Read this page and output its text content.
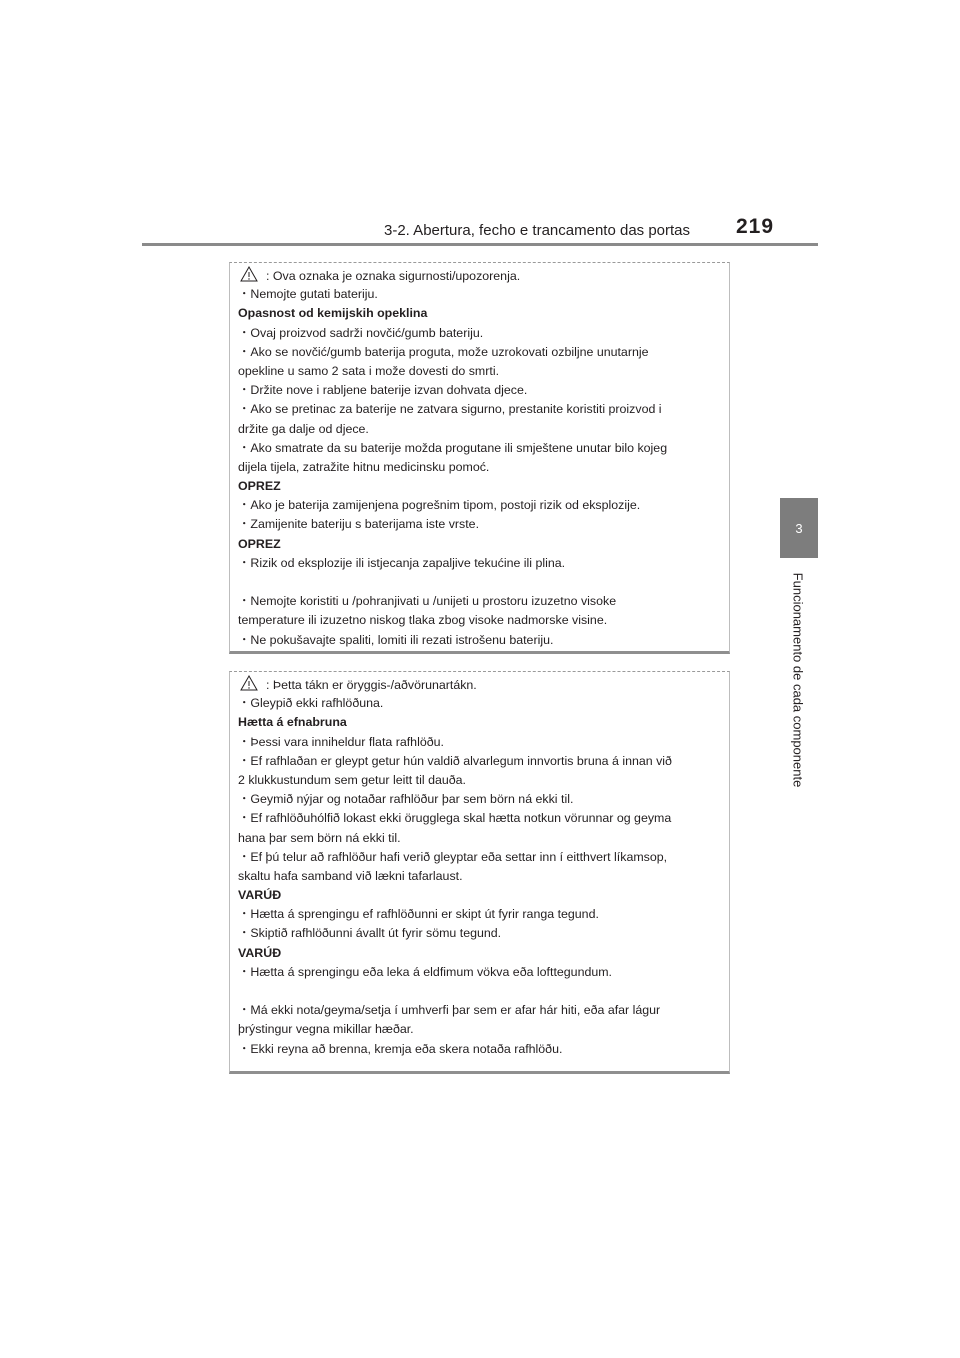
3-2. Abertura, fecho e trancamento das portas 219
3
Funcionamento de cada componente
: Ova oznaka je oznaka sigurnosti/upozorenja.
・Nemojte gutati bateriju.
Opasnost od kemijskih opeklina
・Ovaj proizvod sadrži novčić/gumb bateriju.
・Ako se novčić/gumb baterija proguta, može uzrokovati ozbiljne unutarnje
opekline u samo 2 sata i može dovesti do smrti.
・Držite nove i rabljene baterije izvan dohvata djece.
・Ako se pretinac za baterije ne zatvara sigurno, prestanite koristiti proizvod i
držite ga dalje od djece.
・Ako smatrate da su baterije možda progutane ili smještene unutar bilo kojeg
dijela tijela, zatražite hitnu medicinsku pomoć.
OPREZ
・Ako je baterija zamijenjena pogrešnim tipom, postoji rizik od eksplozije.
・Zamijenite bateriju s baterijama iste vrste.
OPREZ
・Rizik od eksplozije ili istjecanja zapaljive tekućine ili plina.
・Nemojte koristiti u /pohranjivati u /unijeti u prostoru izuzetno visoke
temperature ili izuzetno niskog tlaka zbog visoke nadmorske visine.
・Ne pokušavajte spaliti, lomiti ili rezati istrošenu bateriju.
: Þetta tákn er öryggis-/aðvörunartákn.
・Gleypið ekki rafhlöðuna.
Hætta á efnabruna
・Þessi vara inniheldur flata rafhlöðu.
・Ef rafhlaðan er gleypt getur hún valdið alvarlegum innvortis bruna á innan við
2 klukkustundum sem getur leitt til dauða.
・Geymið nýjar og notaðar rafhlöður þar sem börn ná ekki til.
・Ef rafhlöðuhólfið lokast ekki örugglega skal hætta notkun vörunnar og geyma
hana þar sem börn ná ekki til.
・Ef þú telur að rafhlöður hafi verið gleyptar eða settar inn í eitthvert líkamsop,
skaltu hafa samband við lækni tafarlaust.
VARÚÐ
・Hætta á sprengingu ef rafhlöðunni er skipt út fyrir ranga tegund.
・Skiptið rafhlöðunni ávallt út fyrir sömu tegund.
VARÚÐ
・Hætta á sprengingu eða leka á eldfimum vökva eða lofttegundum.
・Má ekki nota/geyma/setja í umhverfi þar sem er afar hár hiti, eða afar lágur
þrýstingur vegna mikillar hæðar.
・Ekki reyna að brenna, kremja eða skera notaða rafhlöðu.
